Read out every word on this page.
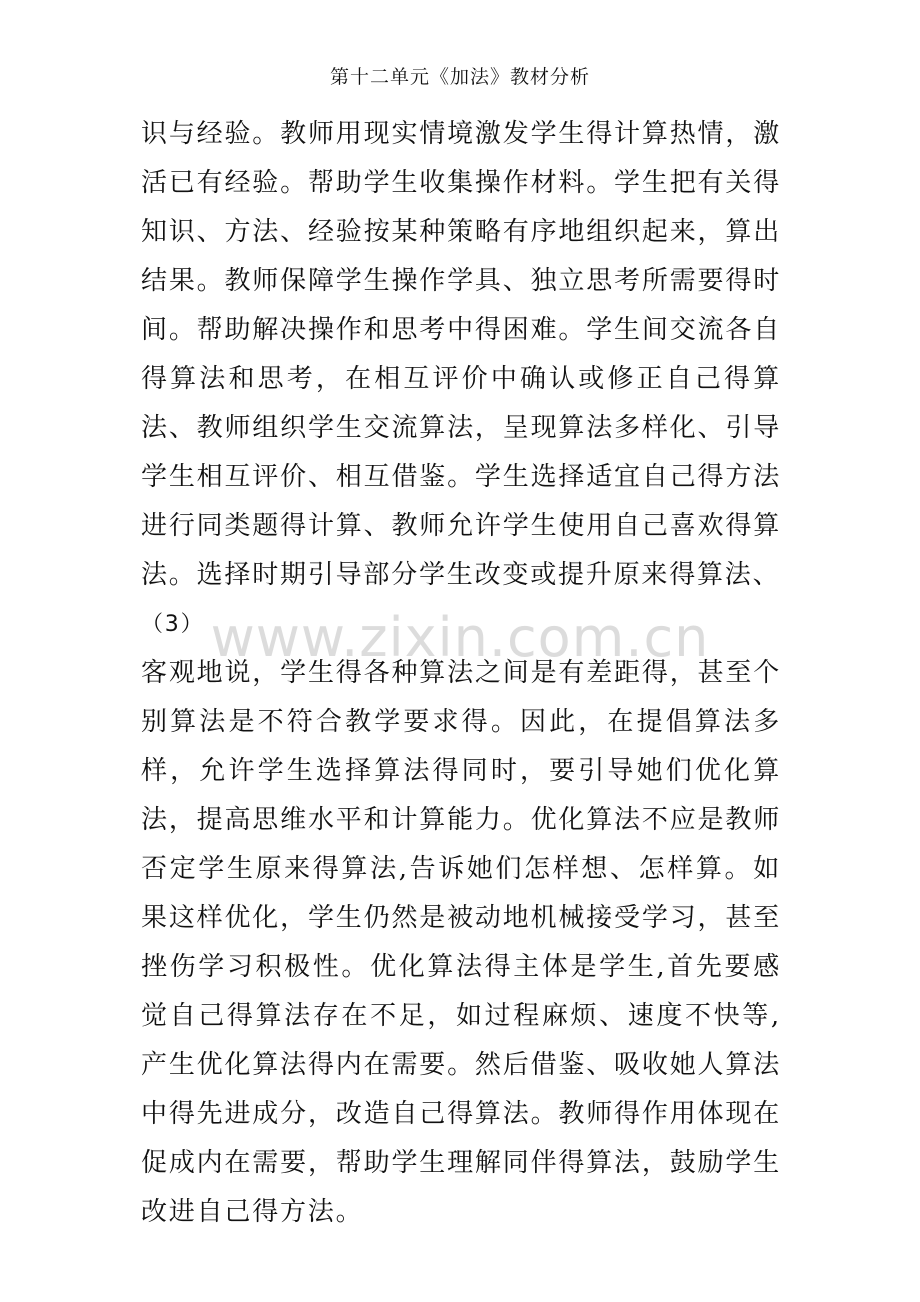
第十二单元《加法》教材分析
www.zixin.com.cn

识与经验。教师用现实情境激发学生得计算热情，激活已有经验。帮助学生收集操作材料。学生把有关得知识、方法、经验按某种策略有序地组织起来，算出结果。教师保障学生操作学具、独立思考所需要得时间。帮助解决操作和思考中得困难。学生间交流各自得算法和思考，在相互评价中确认或修正自己得算法、教师组织学生交流算法，呈现算法多样化、引导学生相互评价、相互借鉴。学生选择适宜自己得方法进行同类题得计算、教师允许学生使用自己喜欢得算法。选择时期引导部分学生改变或提升原来得算法、

（3）

客观地说，学生得各种算法之间是有差距得，甚至个别算法是不符合教学要求得。因此，在提倡算法多样，允许学生选择算法得同时，要引导她们优化算法，提高思维水平和计算能力。优化算法不应是教师否定学生原来得算法,告诉她们怎样想、怎样算。如果这样优化，学生仍然是被动地机械接受学习，甚至挫伤学习积极性。优化算法得主体是学生,首先要感觉自己得算法存在不足，如过程麻烦、速度不快等,产生优化算法得内在需要。然后借鉴、吸收她人算法中得先进成分，改造自己得算法。教师得作用体现在促成内在需要，帮助学生理解同伴得算法，鼓励学生改进自己得方法。
